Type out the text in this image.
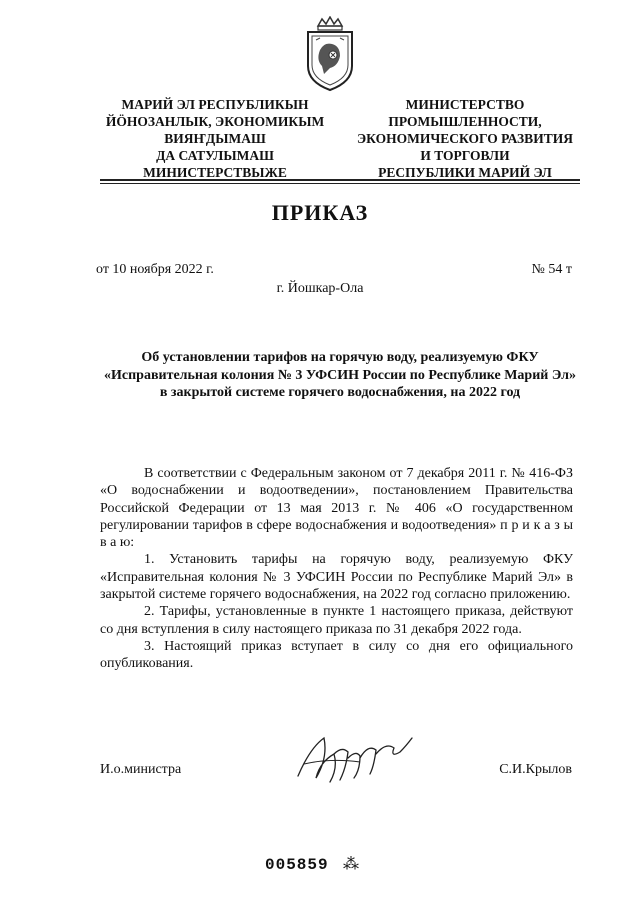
МАРИЙ ЭЛ РЕСПУБЛИКЫН
ЙӦНОЗАНЛЫК, ЭКОНОМИКЫМ
ВИЯҤДЫМАШ
ДА САТУЛЫМАШ
МИНИСТЕРСТВЫЖЕ
МИНИСТЕРСТВО
ПРОМЫШЛЕННОСТИ,
ЭКОНОМИЧЕСКОГО РАЗВИТИЯ
И ТОРГОВЛИ
РЕСПУБЛИКИ МАРИЙ ЭЛ
ПРИКАЗ
от 10 ноября 2022 г.	№ 54 т
г. Йошкар-Ола
Об установлении тарифов на горячую воду, реализуемую ФКУ «Исправительная колония № 3 УФСИН России по Республике Марий Эл» в закрытой системе горячего водоснабжения, на 2022 год

В соответствии с Федеральным законом от 7 декабря 2011 г. № 416-ФЗ «О водоснабжении и водоотведении», постановлением Правительства Российской Федерации от 13 мая 2013 г. № 406 «О государственном регулировании тарифов в сфере водоснабжения и водоотведения» п р и к а з ы в а ю:

1. Установить тарифы на горячую воду, реализуемую ФКУ «Исправительная колония № 3 УФСИН России по Республике Марий Эл» в закрытой системе горячего водоснабжения, на 2022 год согласно приложению.

2. Тарифы, установленные в пункте 1 настоящего приказа, действуют со дня вступления в силу настоящего приказа по 31 декабря 2022 года.

3. Настоящий приказ вступает в силу со дня его официального опубликования.

И.о.министра	С.И.Крылов
005859 ⁂
